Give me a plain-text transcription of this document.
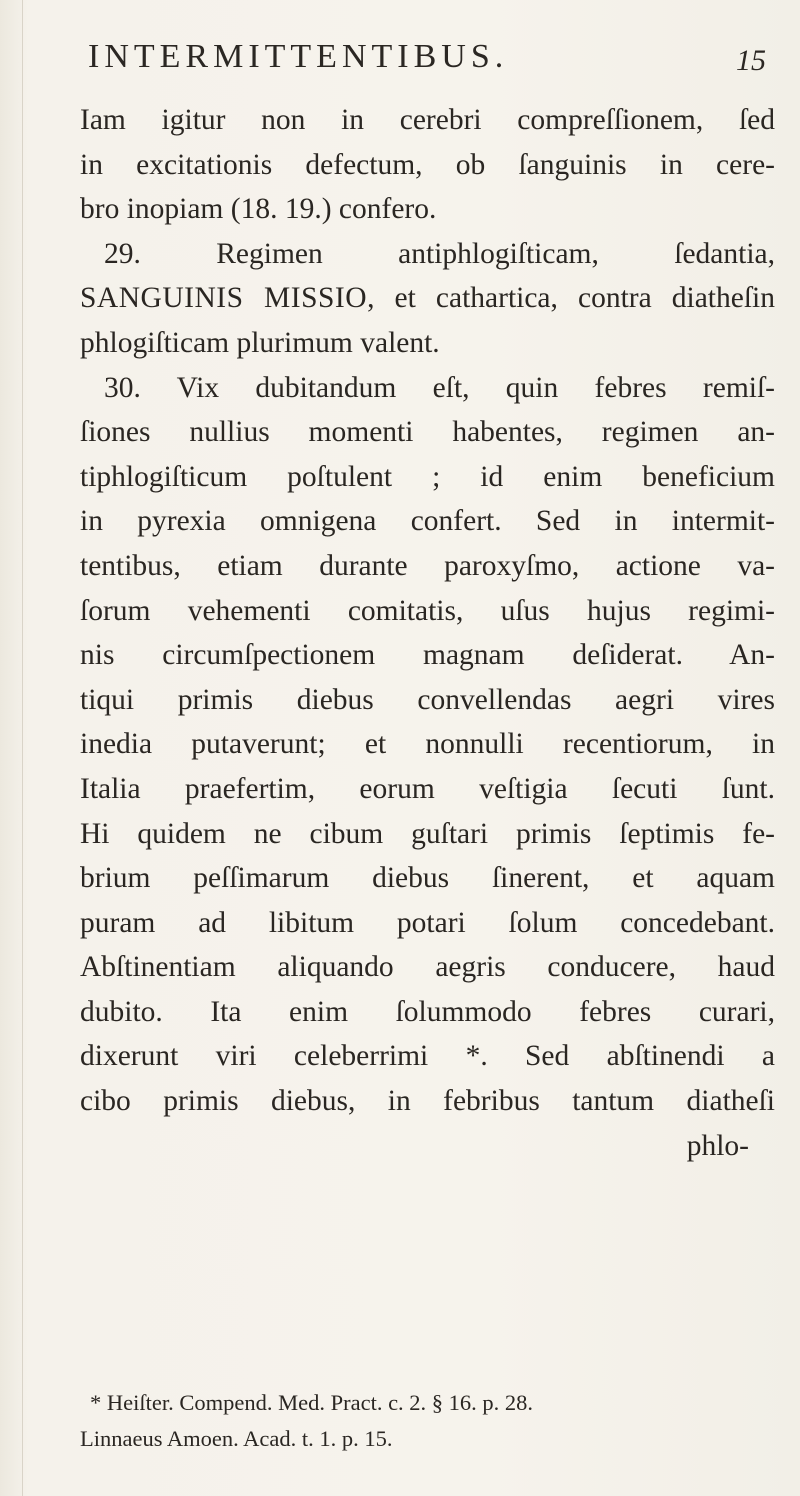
INTERMITTENTIBUS.	15
Iam igitur non in cerebri compreſſionem, ſed
in excitationis defectum, ob ſanguinis in cere-
bro inopiam (18. 19.) confero.
29. Regimen antiphlogiſticam, ſedantia,
SANGUINIS MISSIO, et cathartica, contra diatheſin
phlogiſticam plurimum valent.
30. Vix dubitandum eſt, quin febres remiſ-
ſiones nullius momenti habentes, regimen an-
tiphlogiſticum poſtulent ; id enim beneficium
in pyrexia omnigena confert. Sed in intermit-
tentibus, etiam durante paroxyſmo, actione va-
ſorum vehementi comitatis, uſus hujus regimi-
nis circumſpectionem magnam deſiderat. An-
tiqui primis diebus convellendas aegri vires
inedia putaverunt; et nonnulli recentiorum, in
Italia praefertim, eorum veſtigia ſecuti ſunt.
Hi quidem ne cibum guſtari primis ſeptimis fe-
brium peſſimarum diebus ſinerent, et aquam
puram ad libitum potari ſolum concedebant.
Abſtinentiam aliquando aegris conducere, haud
dubito. Ita enim ſolummodo febres curari,
dixerunt viri celeberrimi *. Sed abſtinendi a
cibo primis diebus, in febribus tantum diatheſi
phlo-
* Heiſter. Compend. Med. Pract. c. 2. § 16. p. 28.
Linnaeus Amoen. Acad. t. 1. p. 15.
